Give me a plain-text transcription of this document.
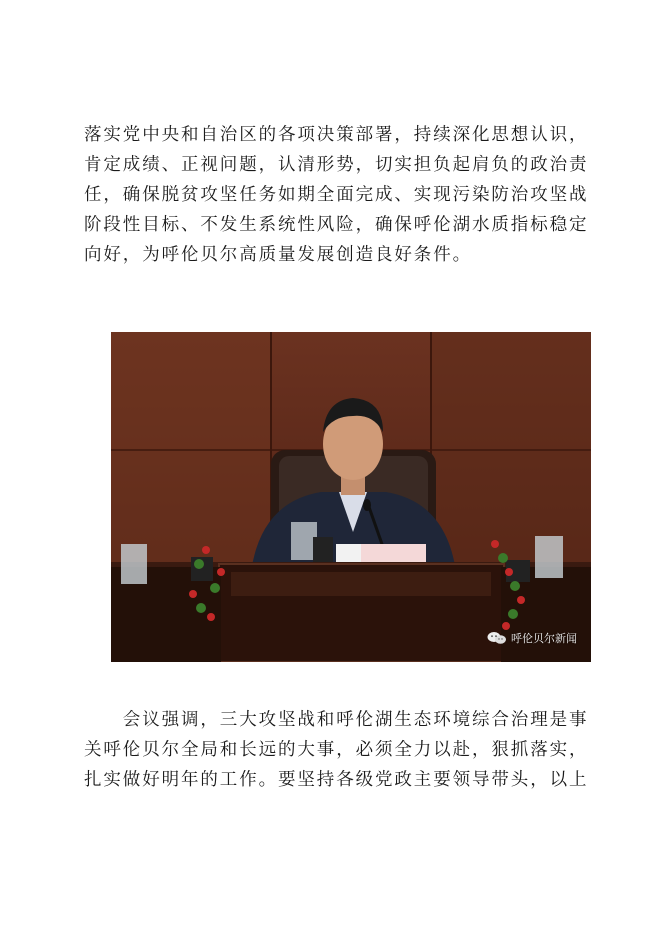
落实党中央和自治区的各项决策部署，持续深化思想认识，
肯定成绩、正视问题，认清形势，切实担负起肩负的政治责
任，确保脱贫攻坚任务如期全面完成、实现污染防治攻坚战
阶段性目标、不发生系统性风险，确保呼伦湖水质指标稳定
向好，为呼伦贝尔高质量发展创造良好条件。

呼伦贝尔新闻

　　会议强调，三大攻坚战和呼伦湖生态环境综合治理是事
关呼伦贝尔全局和长远的大事，必须全力以赴，狠抓落实，
扎实做好明年的工作。要坚持各级党政主要领导带头，以上
